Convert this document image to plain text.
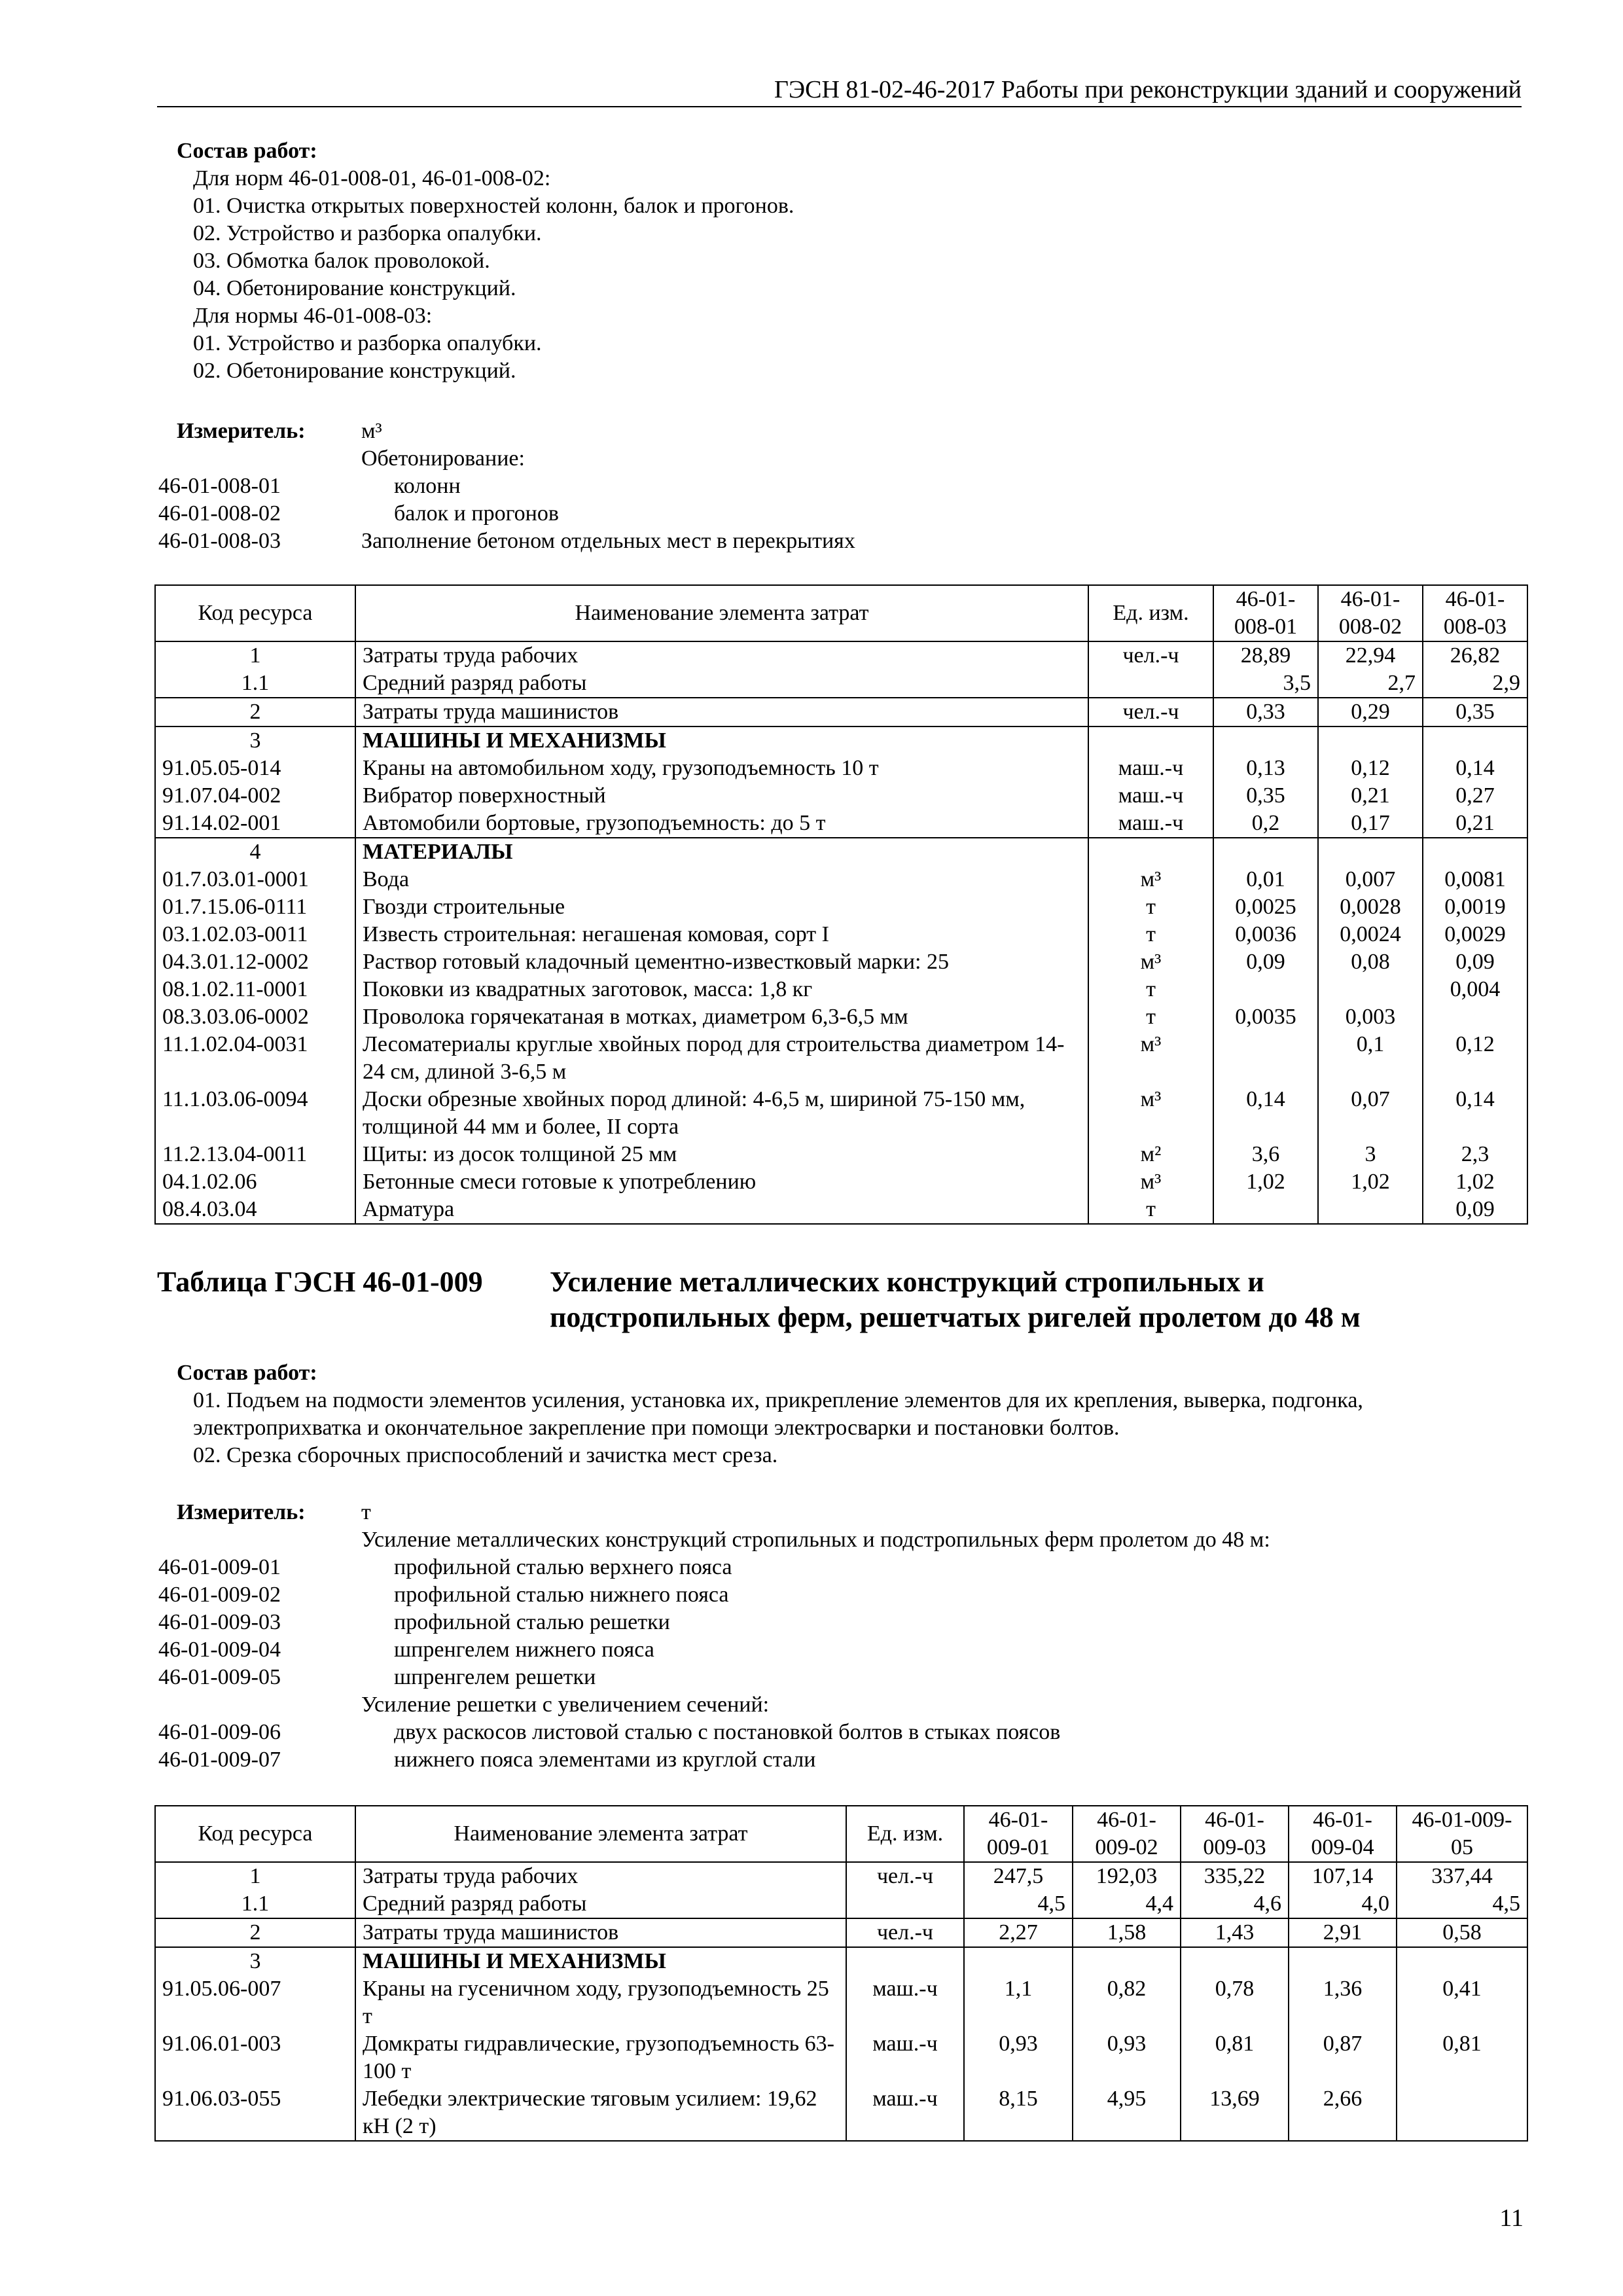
ГЭСН 81-02-46-2017 Работы при реконструкции зданий и сооружений
Состав работ:
Для норм 46-01-008-01, 46-01-008-02:
01. Очистка открытых поверхностей колонн, балок и прогонов.
02. Устройство и разборка опалубки.
03. Обмотка балок проволокой.
04. Обетонирование конструкций.
Для нормы 46-01-008-03:
01. Устройство и разборка опалубки.
02. Обетонирование конструкций.
Измеритель:	м³
Обетонирование:
46-01-008-01	колонн
46-01-008-02	балок и прогонов
46-01-008-03	Заполнение бетоном отдельных мест в перекрытиях
Код ресурса	Наименование элемента затрат	Ед. изм.	46-01-008-01	46-01-008-02	46-01-008-03
1	Затраты труда рабочих	чел.-ч	28,89	22,94	26,82
1.1	Средний разряд работы		3,5	2,7	2,9
2	Затраты труда машинистов	чел.-ч	0,33	0,29	0,35
3	МАШИНЫ И МЕХАНИЗМЫ				
91.05.05-014	Краны на автомобильном ходу, грузоподъемность 10 т	маш.-ч	0,13	0,12	0,14
91.07.04-002	Вибратор поверхностный	маш.-ч	0,35	0,21	0,27
91.14.02-001	Автомобили бортовые, грузоподъемность: до 5 т	маш.-ч	0,2	0,17	0,21
4	МАТЕРИАЛЫ				
01.7.03.01-0001	Вода	м³	0,01	0,007	0,0081
01.7.15.06-0111	Гвозди строительные	т	0,0025	0,0028	0,0019
03.1.02.03-0011	Известь строительная: негашеная комовая, сорт I	т	0,0036	0,0024	0,0029
04.3.01.12-0002	Раствор готовый кладочный цементно-известковый марки: 25	м³	0,09	0,08	0,09
08.1.02.11-0001	Поковки из квадратных заготовок, масса: 1,8 кг	т			0,004
08.3.03.06-0002	Проволока горячекатаная в мотках, диаметром 6,3-6,5 мм	т	0,0035	0,003	
11.1.02.04-0031	Лесоматериалы круглые хвойных пород для строительства диаметром 14-24 см, длиной 3-6,5 м	м³		0,1	0,12
11.1.03.06-0094	Доски обрезные хвойных пород длиной: 4-6,5 м, шириной 75-150 мм, толщиной 44 мм и более, II сорта	м³	0,14	0,07	0,14
11.2.13.04-0011	Щиты: из досок толщиной 25 мм	м²	3,6	3	2,3
04.1.02.06	Бетонные смеси готовые к употреблению	м³	1,02	1,02	1,02
08.4.03.04	Арматура	т			0,09
Таблица ГЭСН 46-01-009 Усиление металлических конструкций стропильных и подстропильных ферм, решетчатых ригелей пролетом до 48 м
Состав работ:
01. Подъем на подмости элементов усиления, установка их, прикрепление элементов для их крепления, выверка, подгонка,
электроприхватка и окончательное закрепление при помощи электросварки и постановки болтов.
02. Срезка сборочных приспособлений и зачистка мест среза.
Измеритель:	т
Усиление металлических конструкций стропильных и подстропильных ферм пролетом до 48 м:
46-01-009-01	профильной сталью верхнего пояса
46-01-009-02	профильной сталью нижнего пояса
46-01-009-03	профильной сталью решетки
46-01-009-04	шпренгелем нижнего пояса
46-01-009-05	шпренгелем решетки
Усиление решетки с увеличением сечений:
46-01-009-06	двух раскосов листовой сталью с постановкой болтов в стыках поясов
46-01-009-07	нижнего пояса элементами из круглой стали
Код ресурса	Наименование элемента затрат	Ед. изм.	46-01-009-01	46-01-009-02	46-01-009-03	46-01-009-04	46-01-009-05
1	Затраты труда рабочих	чел.-ч	247,5	192,03	335,22	107,14	337,44
1.1	Средний разряд работы		4,5	4,4	4,6	4,0	4,5
2	Затраты труда машинистов	чел.-ч	2,27	1,58	1,43	2,91	0,58
3	МАШИНЫ И МЕХАНИЗМЫ						
91.05.06-007	Краны на гусеничном ходу, грузоподъемность 25 т	маш.-ч	1,1	0,82	0,78	1,36	0,41
91.06.01-003	Домкраты гидравлические, грузоподъемность 63-100 т	маш.-ч	0,93	0,93	0,81	0,87	0,81
91.06.03-055	Лебедки электрические тяговым усилием: 19,62 кН (2 т)	маш.-ч	8,15	4,95	13,69	2,66	
11
